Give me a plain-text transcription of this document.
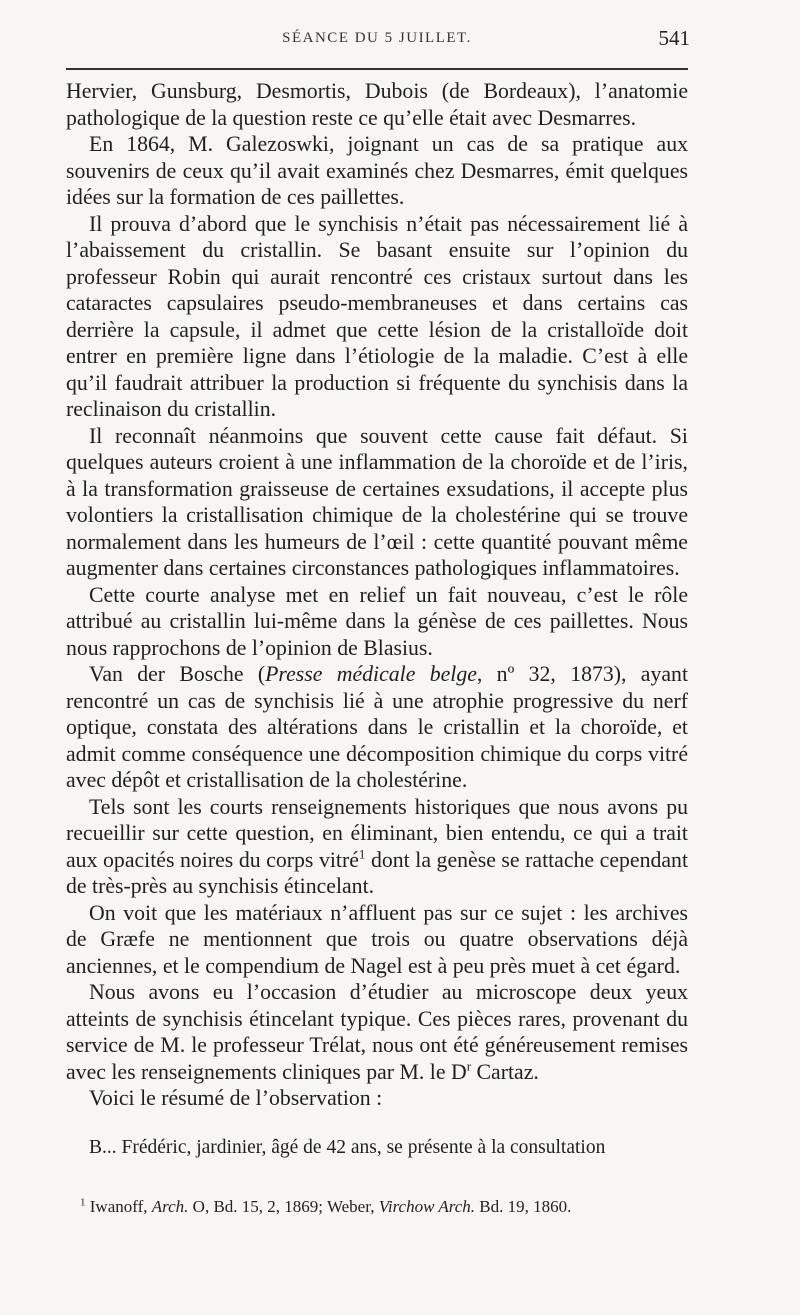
SÉANCE DU 5 JUILLET.	541

Hervier, Gunsburg, Desmortis, Dubois (de Bordeaux), l’anatomie pathologique de la question reste ce qu’elle était avec Desmarres.

En 1864, M. Galezoswki, joignant un cas de sa pratique aux souvenirs de ceux qu’il avait examinés chez Desmarres, émit quelques idées sur la formation de ces paillettes.

Il prouva d’abord que le synchisis n’était pas nécessairement lié à l’abaissement du cristallin. Se basant ensuite sur l’opinion du professeur Robin qui aurait rencontré ces cristaux surtout dans les cataractes capsulaires pseudo-membraneuses et dans certains cas derrière la capsule, il admet que cette lésion de la cristalloïde doit entrer en première ligne dans l’étiologie de la maladie. C’est à elle qu’il faudrait attribuer la production si fréquente du synchisis dans la reclinaison du cristallin.

Il reconnaît néanmoins que souvent cette cause fait défaut. Si quelques auteurs croient à une inflammation de la choroïde et de l’iris, à la transformation graisseuse de certaines exsudations, il accepte plus volontiers la cristallisation chimique de la cholestérine qui se trouve normalement dans les humeurs de l’œil : cette quantité pouvant même augmenter dans certaines circonstances pathologiques inflammatoires.

Cette courte analyse met en relief un fait nouveau, c’est le rôle attribué au cristallin lui-même dans la génèse de ces paillettes. Nous nous rapprochons de l’opinion de Blasius.

Van der Bosche (Presse médicale belge, nº 32, 1873), ayant rencontré un cas de synchisis lié à une atrophie progressive du nerf optique, constata des altérations dans le cristallin et la choroïde, et admit comme conséquence une décomposition chimique du corps vitré avec dépôt et cristallisation de la cholestérine.

Tels sont les courts renseignements historiques que nous avons pu recueillir sur cette question, en éliminant, bien entendu, ce qui a trait aux opacités noires du corps vitré$^1$ dont la genèse se rattache cependant de très-près au synchisis étincelant.

On voit que les matériaux n’affluent pas sur ce sujet : les archives de Græfe ne mentionnent que trois ou quatre observations déjà anciennes, et le compendium de Nagel est à peu près muet à cet égard.

Nous avons eu l’occasion d’étudier au microscope deux yeux atteints de synchisis étincelant typique. Ces pièces rares, provenant du service de M. le professeur Trélat, nous ont été généreusement remises avec les renseignements cliniques par M. le $D^r$ Cartaz.

Voici le résumé de l’observation :

B... Frédéric, jardinier, âgé de 42 ans, se présente à la consultation

$^1$ Iwanoff, Arch. O, Bd. 15, 2, 1869; Weber, Virchow Arch. Bd. 19, 1860.
